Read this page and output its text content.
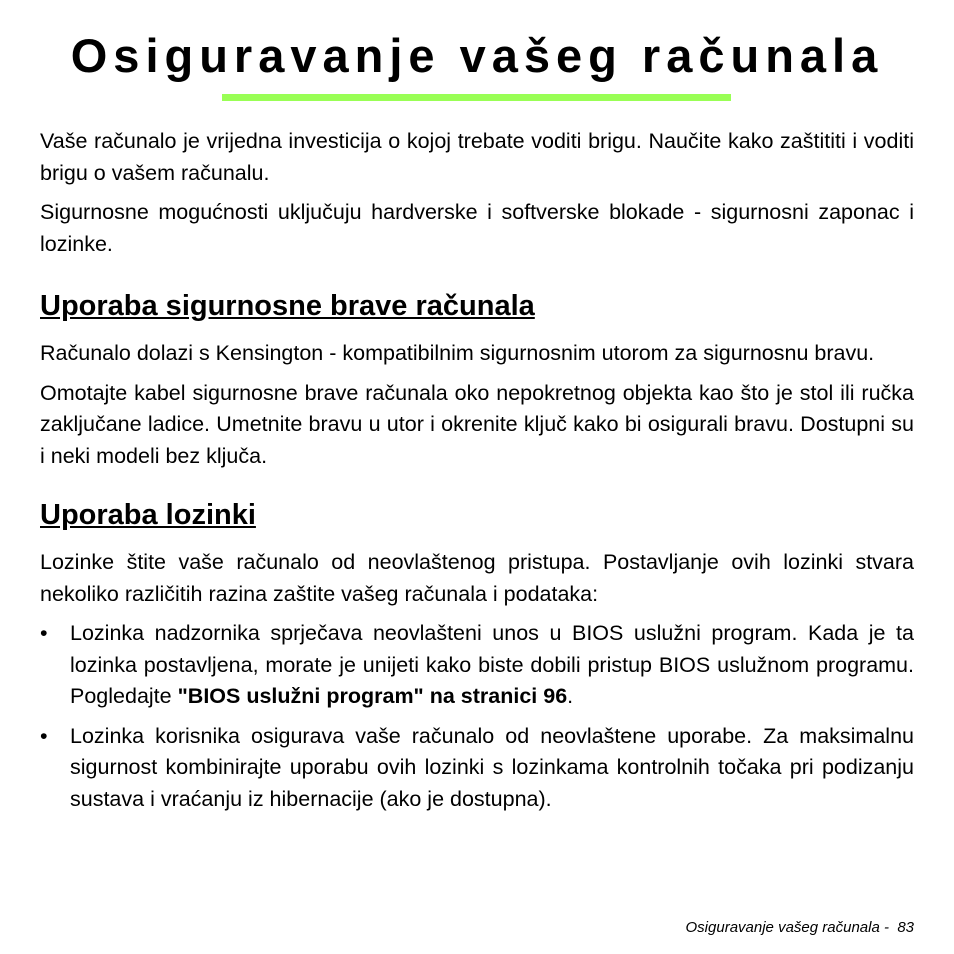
Osiguravanje vašeg računala

Vaše računalo je vrijedna investicija o kojoj trebate voditi brigu. Naučite kako zaštititi i voditi brigu o vašem računalu.

Sigurnosne mogućnosti uključuju hardverske i softverske blokade - sigurnosni zaponac i lozinke.

Uporaba sigurnosne brave računala

Računalo dolazi s Kensington - kompatibilnim sigurnosnim utorom za sigurnosnu bravu.

Omotajte kabel sigurnosne brave računala oko nepokretnog objekta kao što je stol ili ručka zaključane ladice. Umetnite bravu u utor i okrenite ključ kako bi osigurali bravu. Dostupni su i neki modeli bez ključa.

Uporaba lozinki

Lozinke štite vaše računalo od neovlaštenog pristupa. Postavljanje ovih lozinki stvara nekoliko različitih razina zaštite vašeg računala i podataka:

• Lozinka nadzornika sprječava neovlašteni unos u BIOS uslužni program. Kada je ta lozinka postavljena, morate je unijeti kako biste dobili pristup BIOS uslužnom programu. Pogledajte "BIOS uslužni program" na stranici 96.
• Lozinka korisnika osigurava vaše računalo od neovlaštene uporabe. Za maksimalnu sigurnost kombinirajte uporabu ovih lozinki s lozinkama kontrolnih točaka pri podizanju sustava i vraćanju iz hibernacije (ako je dostupna).
Osiguravanje vašeg računala - 83
